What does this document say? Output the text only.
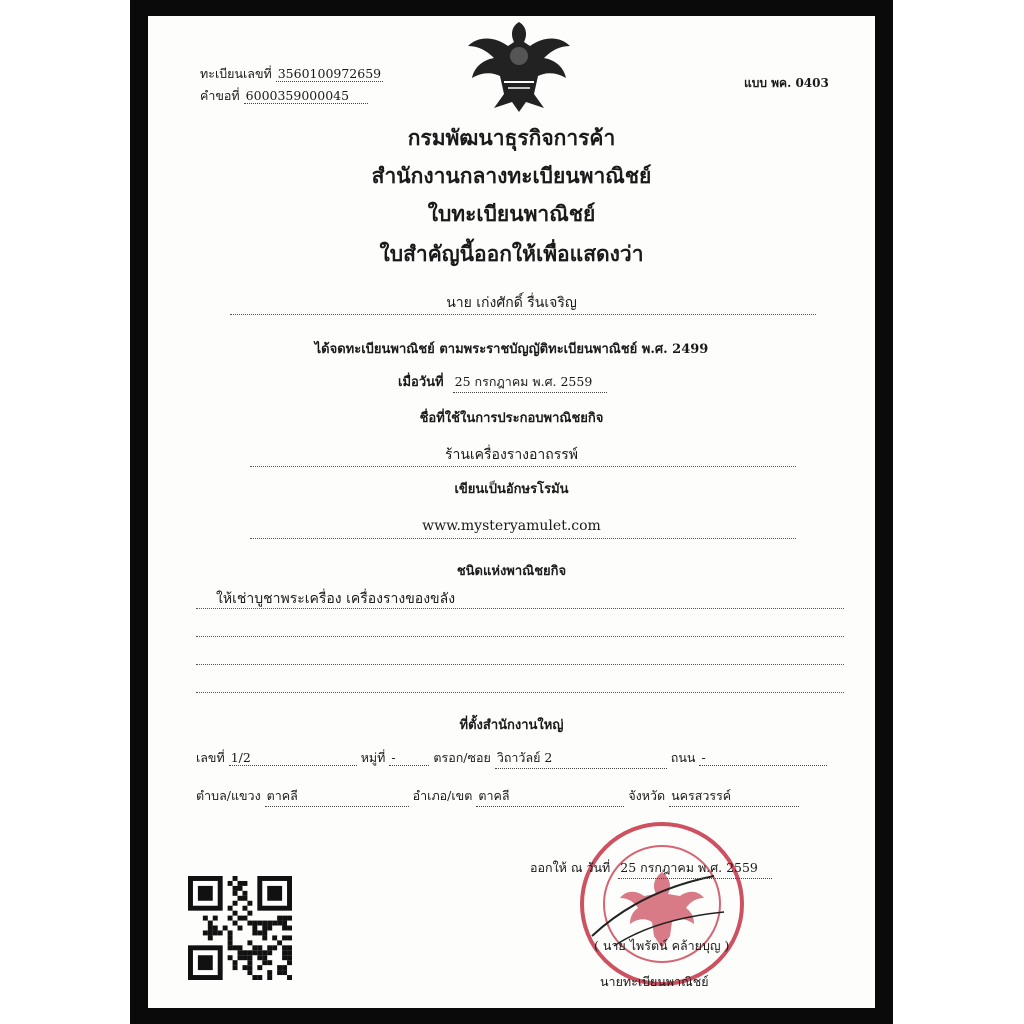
ทะเบียนเลขที่ 3560100972659
คำขอที่ 6000359000045
แบบ พค. 0403
กรมพัฒนาธุรกิจการค้า
สำนักงานกลางทะเบียนพาณิชย์
ใบทะเบียนพาณิชย์
ใบสำคัญนี้ออกให้เพื่อแสดงว่า
นาย เก่งศักดิ์ รื่นเจริญ
ได้จดทะเบียนพาณิชย์ ตามพระราชบัญญัติทะเบียนพาณิชย์ พ.ศ. 2499
เมื่อวันที่ 25 กรกฎาคม พ.ศ. 2559
ชื่อที่ใช้ในการประกอบพาณิชยกิจ
ร้านเครื่องรางอาถรรพ์
เขียนเป็นอักษรโรมัน
www.mysteryamulet.com
ชนิดแห่งพาณิชยกิจ
ให้เช่าบูชาพระเครื่อง เครื่องรางของขลัง
ที่ตั้งสำนักงานใหญ่
เลขที่ 1/2	หมู่ที่ -	ตรอก/ซอย วิถาวัลย์ 2	ถนน -
ตำบล/แขวง ตาคลี	อำเภอ/เขต ตาคลี	จังหวัด นครสวรรค์
ออกให้ ณ วันที่ 25 กรกฎาคม พ.ศ. 2559
( นาย ไพรัตน์ คล้ายบุญ )
นายทะเบียนพาณิชย์
